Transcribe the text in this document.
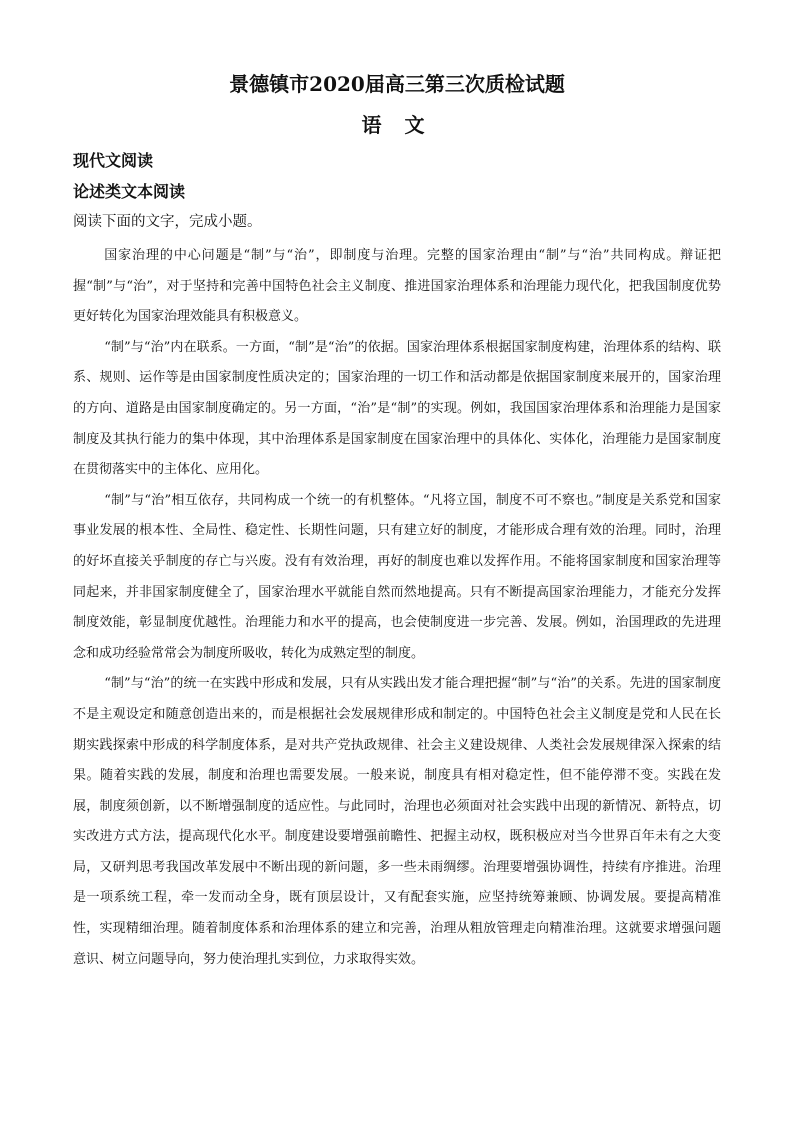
景德镇市2020届高三第三次质检试题
语 文
现代文阅读
论述类文本阅读
阅读下面的文字，完成小题。

国家治理的中心问题是“制”与“治”，即制度与治理。完整的国家治理由“制”与“治”共同构成。辩证把握“制”与“治”，对于坚持和完善中国特色社会主义制度、推进国家治理体系和治理能力现代化，把我国制度优势更好转化为国家治理效能具有积极意义。

“制”与“治”内在联系。一方面，“制”是“治”的依据。国家治理体系根据国家制度构建，治理体系的结构、联系、规则、运作等是由国家制度性质决定的；国家治理的一切工作和活动都是依据国家制度来展开的，国家治理的方向、道路是由国家制度确定的。另一方面，“治”是“制”的实现。例如，我国国家治理体系和治理能力是国家制度及其执行能力的集中体现，其中治理体系是国家制度在国家治理中的具体化、实体化，治理能力是国家制度在贯彻落实中的主体化、应用化。

“制”与“治”相互依存，共同构成一个统一的有机整体。“凡将立国，制度不可不察也。”制度是关系党和国家事业发展的根本性、全局性、稳定性、长期性问题，只有建立好的制度，才能形成合理有效的治理。同时，治理的好坏直接关乎制度的存亡与兴废。没有有效治理，再好的制度也难以发挥作用。不能将国家制度和国家治理等同起来，并非国家制度健全了，国家治理水平就能自然而然地提高。只有不断提高国家治理能力，才能充分发挥制度效能，彰显制度优越性。治理能力和水平的提高，也会使制度进一步完善、发展。例如，治国理政的先进理念和成功经验常常会为制度所吸收，转化为成熟定型的制度。

“制”与“治”的统一在实践中形成和发展，只有从实践出发才能合理把握“制”与“治”的关系。先进的国家制度不是主观设定和随意创造出来的，而是根据社会发展规律形成和制定的。中国特色社会主义制度是党和人民在长期实践探索中形成的科学制度体系，是对共产党执政规律、社会主义建设规律、人类社会发展规律深入探索的结果。随着实践的发展，制度和治理也需要发展。一般来说，制度具有相对稳定性，但不能停滞不变。实践在发展，制度须创新，以不断增强制度的适应性。与此同时，治理也必须面对社会实践中出现的新情况、新特点，切实改进方式方法，提高现代化水平。制度建设要增强前瞻性、把握主动权，既积极应对当今世界百年未有之大变局，又研判思考我国改革发展中不断出现的新问题，多一些未雨绸缪。治理要增强协调性，持续有序推进。治理是一项系统工程，牵一发而动全身，既有顶层设计，又有配套实施，应坚持统筹兼顾、协调发展。要提高精准性，实现精细治理。随着制度体系和治理体系的建立和完善，治理从粗放管理走向精准治理。这就要求增强问题意识、树立问题导向，努力使治理扎实到位，力求取得实效。
